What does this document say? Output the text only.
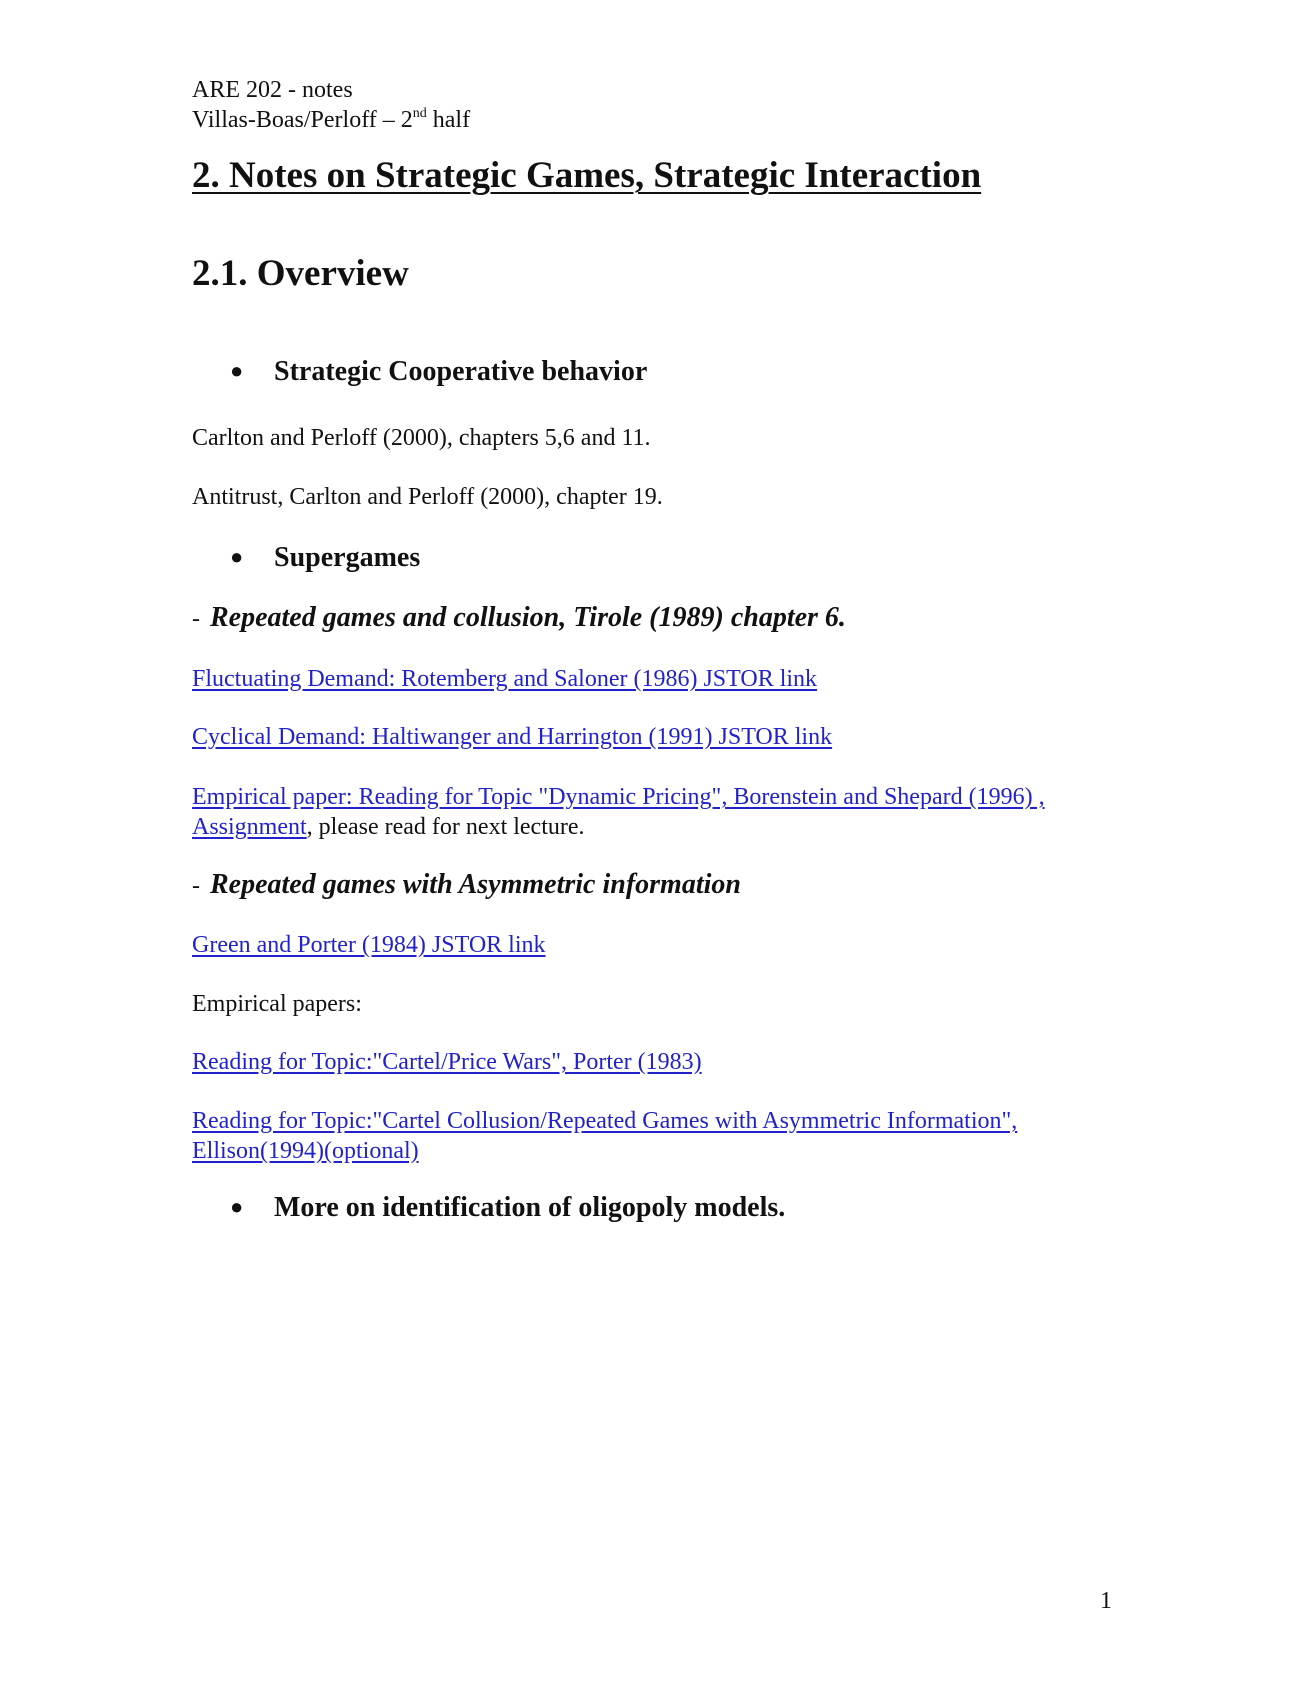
ARE 202 - notes
Villas-Boas/Perloff – 2nd half
2. Notes on Strategic Games, Strategic Interaction
2.1. Overview
● Strategic Cooperative behavior
Carlton and Perloff (2000), chapters 5,6 and 11.
Antitrust, Carlton and Perloff (2000), chapter 19.
● Supergames
- Repeated games and collusion, Tirole (1989) chapter 6.
Fluctuating Demand: Rotemberg and Saloner (1986) JSTOR link
Cyclical Demand: Haltiwanger and Harrington (1991) JSTOR link
Empirical paper: Reading for Topic "Dynamic Pricing", Borenstein and Shepard (1996) ,
Assignment, please read for next lecture.
- Repeated games with Asymmetric information
Green and Porter (1984) JSTOR link
Empirical papers:
Reading for Topic:"Cartel/Price Wars", Porter (1983)
Reading for Topic:"Cartel Collusion/Repeated Games with Asymmetric Information",
Ellison(1994)(optional)
● More on identification of oligopoly models.
1
